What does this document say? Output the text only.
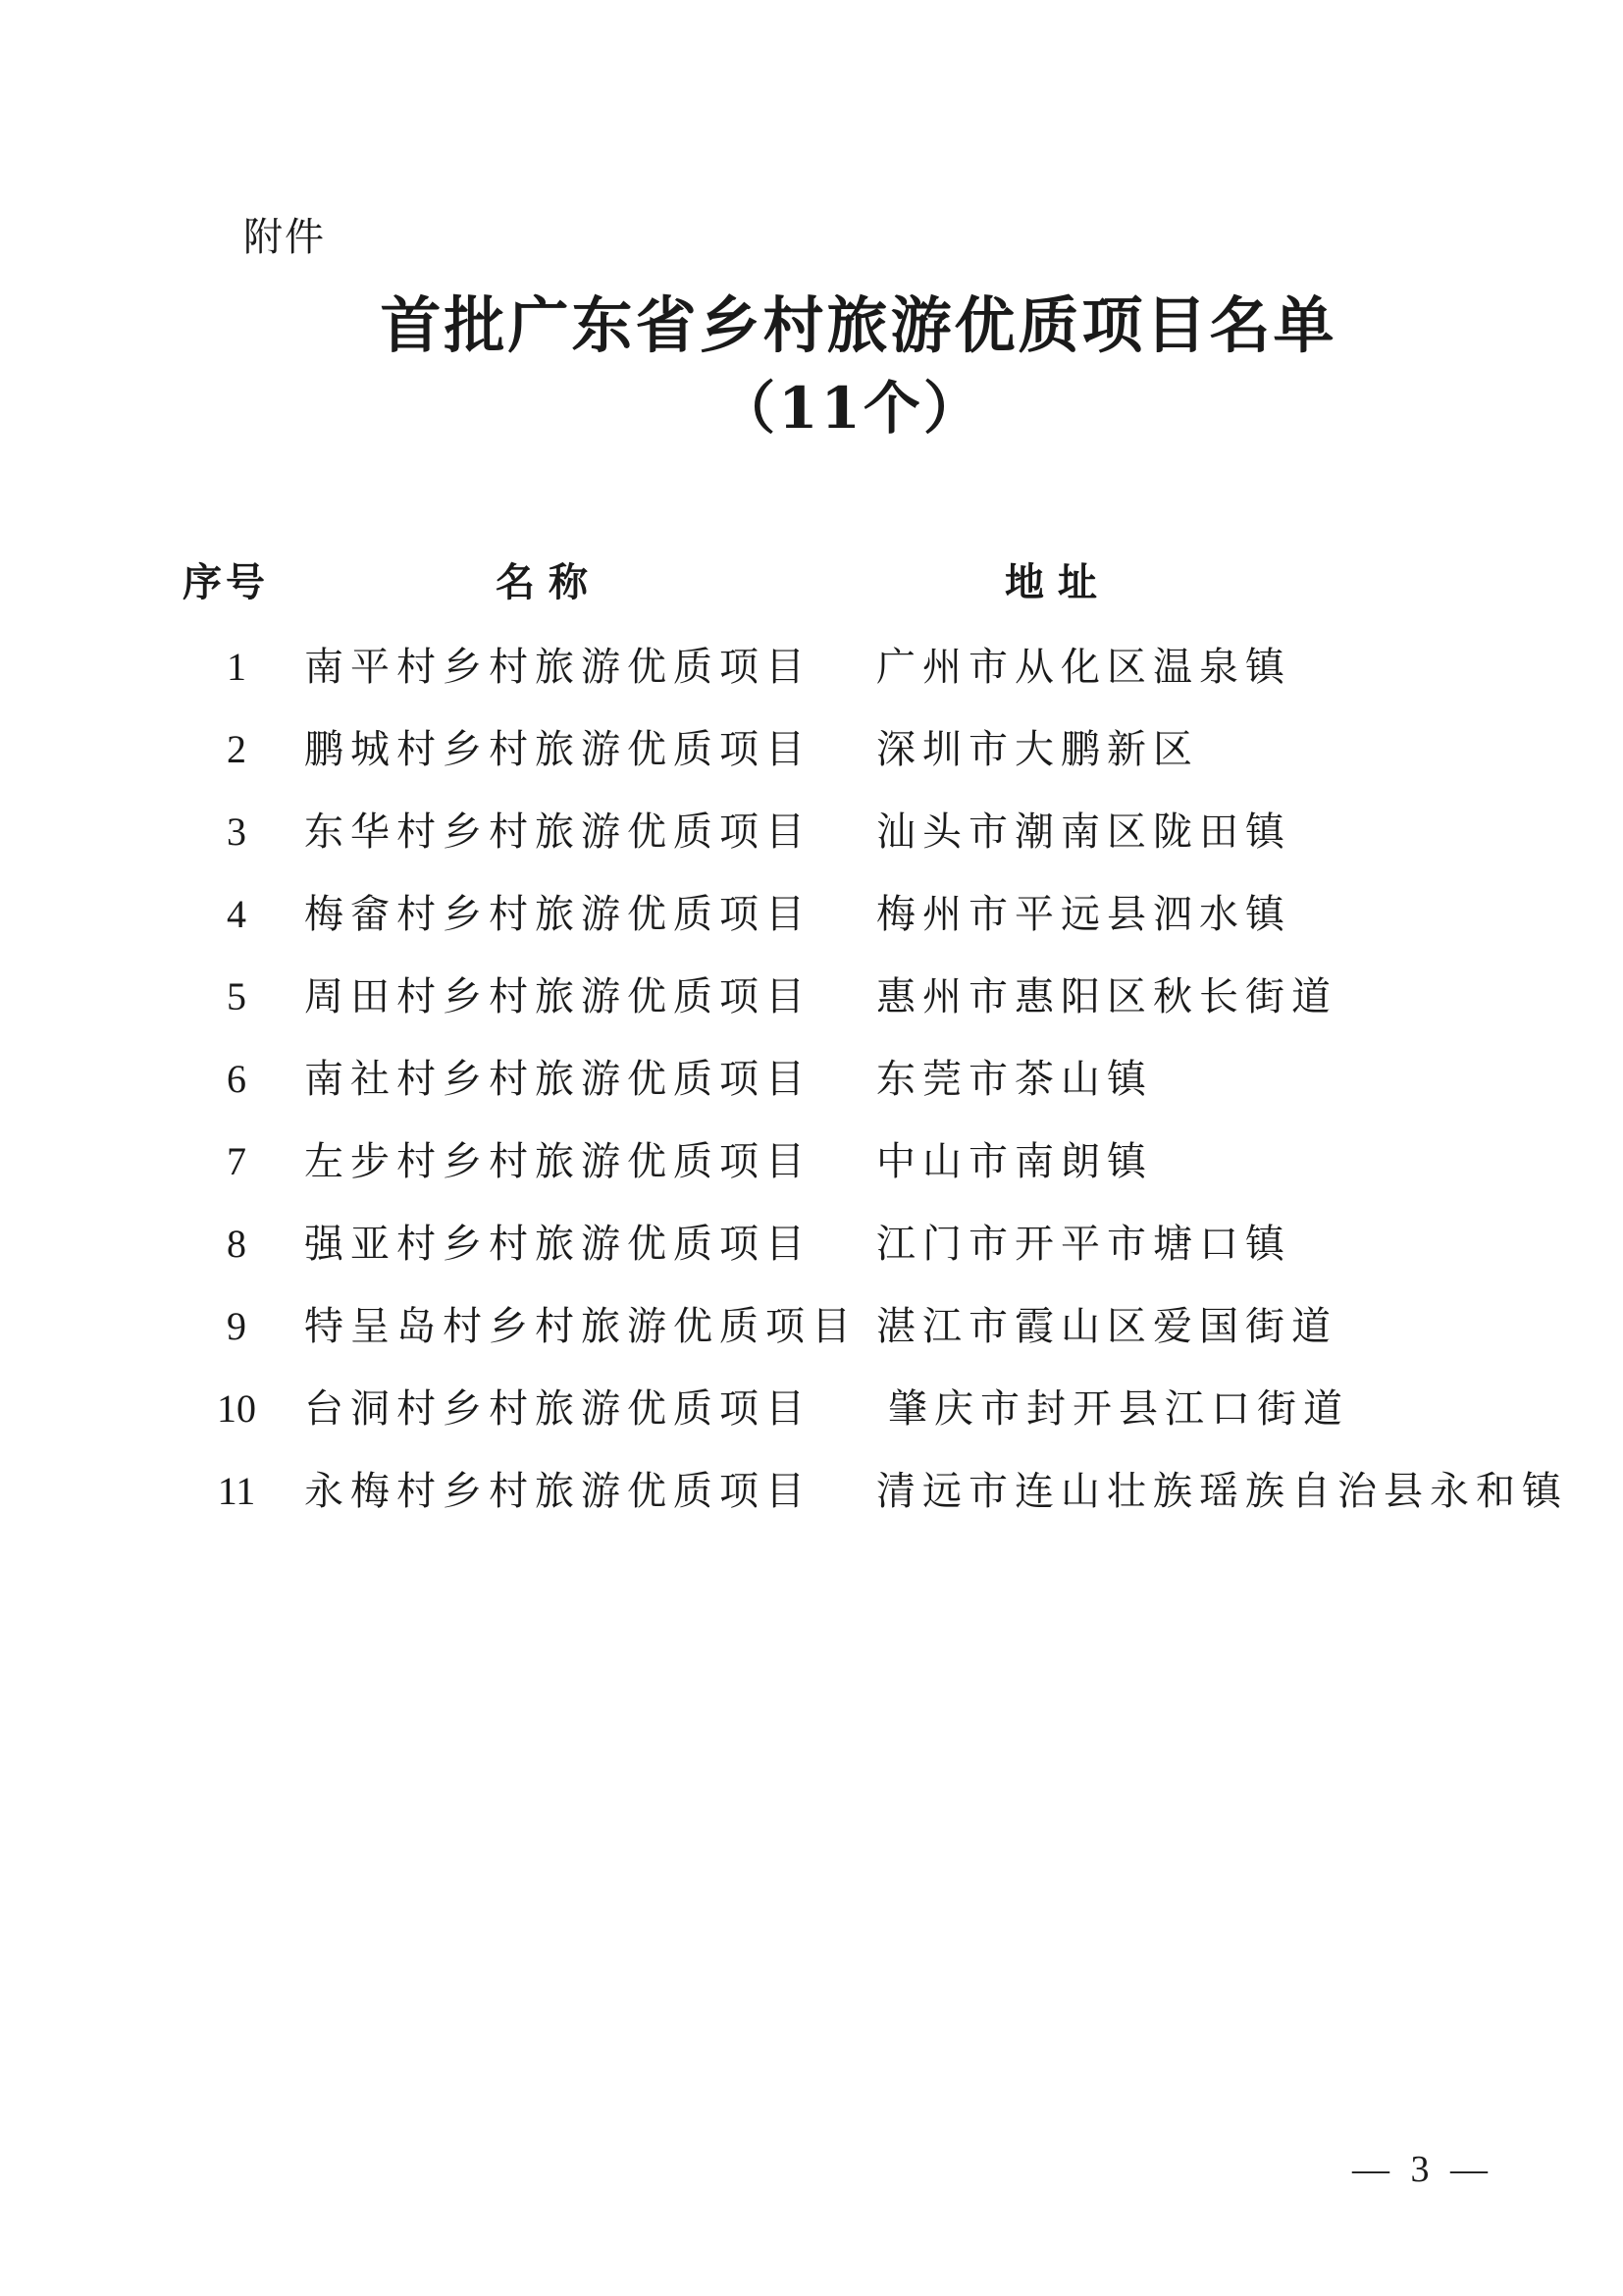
附件
首批广东省乡村旅游优质项目名单
（11个）
序号	名称	地址
1	南平村乡村旅游优质项目 广州市从化区温泉镇
2	鹏城村乡村旅游优质项目 深圳市大鹏新区
3	东华村乡村旅游优质项目 汕头市潮南区陇田镇
4	梅畲村乡村旅游优质项目 梅州市平远县泗水镇
5	周田村乡村旅游优质项目 惠州市惠阳区秋长街道
6	南社村乡村旅游优质项目 东莞市茶山镇
7	左步村乡村旅游优质项目 中山市南朗镇
8	强亚村乡村旅游优质项目 江门市开平市塘口镇
9	特呈岛村乡村旅游优质项目 湛江市霞山区爱国街道
10	台洞村乡村旅游优质项目 肇庆市封开县江口街道
11	永梅村乡村旅游优质项目 清远市连山壮族瑶族自治县永和镇
— 3 —
